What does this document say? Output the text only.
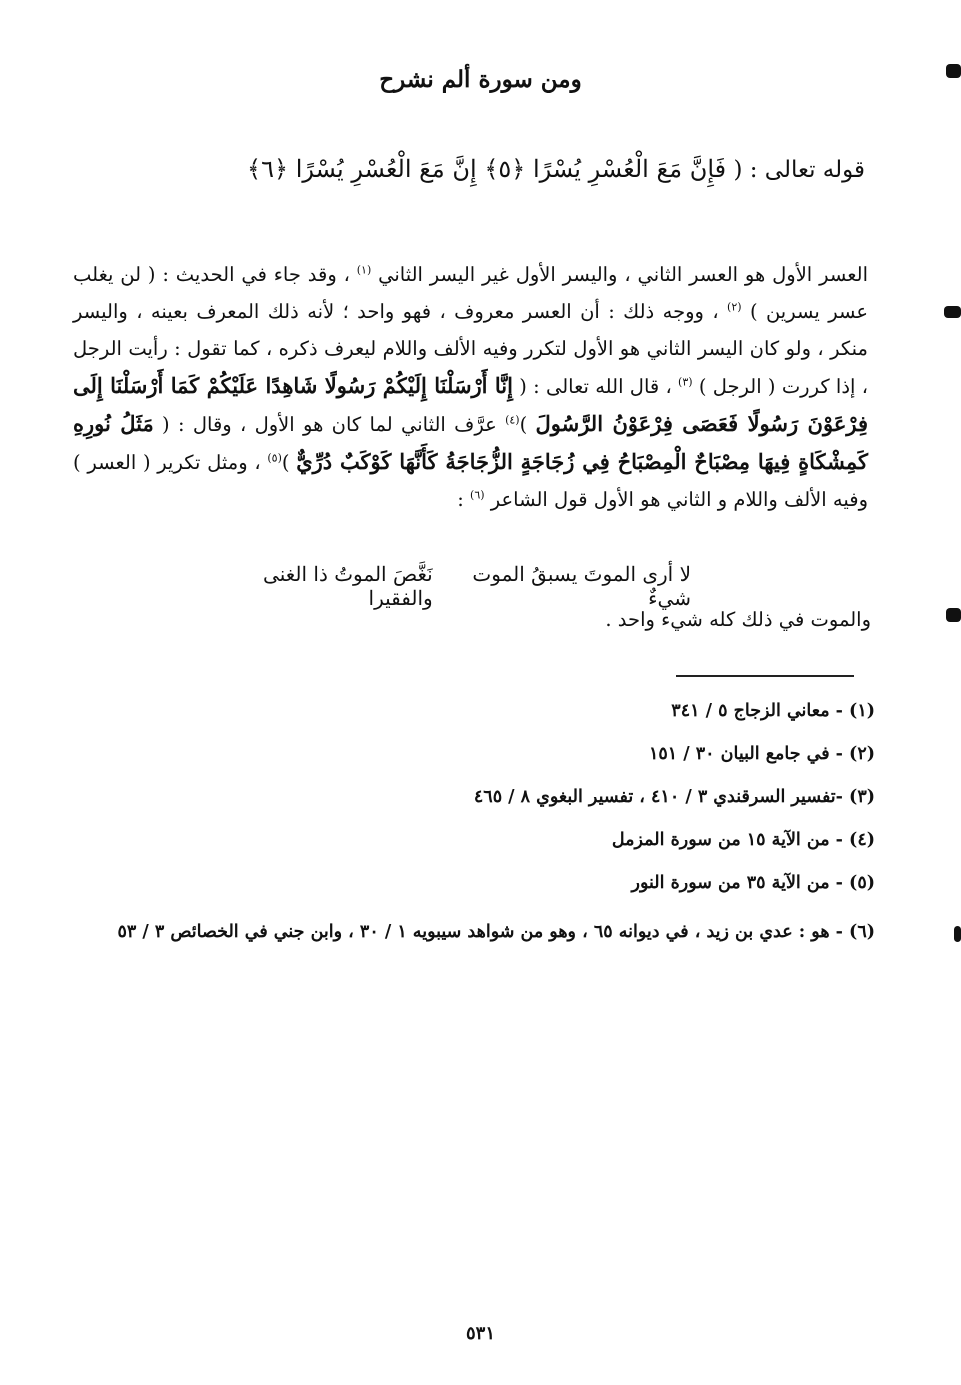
ومن سورة ألم نشرح
قوله تعالى : ( فَإِنَّ مَعَ الْعُسْرِ يُسْرًا ﴿٥﴾ إِنَّ مَعَ الْعُسْرِ يُسْرًا ﴿٦﴾
العسر الأول هو العسر الثاني ، واليسر الأول غير اليسر الثاني $^{(١)}$ ، وقد جاء في الحديث : ( لن يغلب عسر يسرين ) $^{(٢)}$ ، ووجه ذلك : أن العسر معروف ، فهو واحد ؛ لأنه ذلك المعرف بعينه ، واليسر منكر ، ولو كان اليسر الثاني هو الأول لتكرر وفيه الألف واللام ليعرف ذكره ، كما تقول : رأيت الرجل ، إذا كررت ( الرجل ) $^{(٣)}$ ، قال الله تعالى : ( إِنَّا أَرْسَلْنَا إِلَيْكُمْ رَسُولًا شَاهِدًا عَلَيْكُمْ كَمَا أَرْسَلْنَا إِلَى فِرْعَوْنَ رَسُولًا فَعَصَى فِرْعَوْنُ الرَّسُولَ )$^{(٤)}$ عرَّف الثاني لما كان هو الأول ، وقال : ( مَثَلُ نُورِهِ كَمِشْكَاةٍ فِيهَا مِصْبَاحٌ الْمِصْبَاحُ فِي زُجَاجَةٍ الزُّجَاجَةُ كَأَنَّهَا كَوْكَبٌ دُرِّيٌّ )$^{(٥)}$ ، ومثل تكرير ( العسر ) وفيه الألف واللام و الثاني هو الأول قول الشاعر $^{(٦)}$ :
لا أرى الموتَ يسبقُ الموت شيءٌ
نَغَّصَ الموتُ ذا الغنى والفقيرا
والموت في ذلك كله شيء واحد .
(١) - معاني الزجاج ٥ / ٣٤١
(٢) - في جامع البيان ٣٠ / ١٥١
(٣) -تفسير السرقندي ٣ / ٤١٠ ، تفسير البغوي ٨ / ٤٦٥
(٤) - من الآية ١٥ من سورة المزمل
(٥) - من الآية ٣٥ من سورة النور
(٦) - هو : عدي بن زيد ، في ديوانه ٦٥ ، وهو من شواهد سيبويه ١ / ٣٠ ، وابن جني في الخصائص ٣ / ٥٣
٥٣١
